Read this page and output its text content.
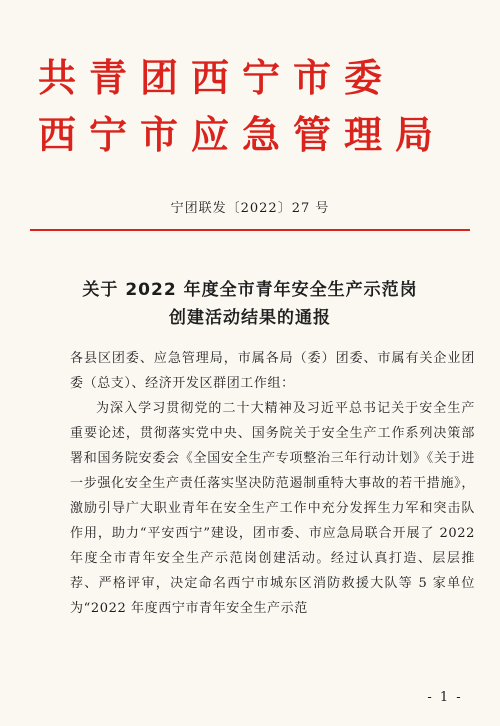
共青团西宁市委
西宁市应急管理局
宁团联发〔2022〕27 号
关于 2022 年度全市青年安全生产示范岗
创建活动结果的通报
各县区团委、应急管理局，市属各局（委）团委、市属有关企业团委（总支）、经济开发区群团工作组：
为深入学习贯彻党的二十大精神及习近平总书记关于安全生产重要论述，贯彻落实党中央、国务院关于安全生产工作系列决策部署和国务院安委会《全国安全生产专项整治三年行动计划》《关于进一步强化安全生产责任落实坚决防范遏制重特大事故的若干措施》，激励引导广大职业青年在安全生产工作中充分发挥生力军和突击队作用，助力“平安西宁”建设，团市委、市应急局联合开展了 2022 年度全市青年安全生产示范岗创建活动。经过认真打造、层层推荐、严格评审，决定命名西宁市城东区消防救援大队等 5 家单位为“2022 年度西宁市青年安全生产示范
- 1 -
